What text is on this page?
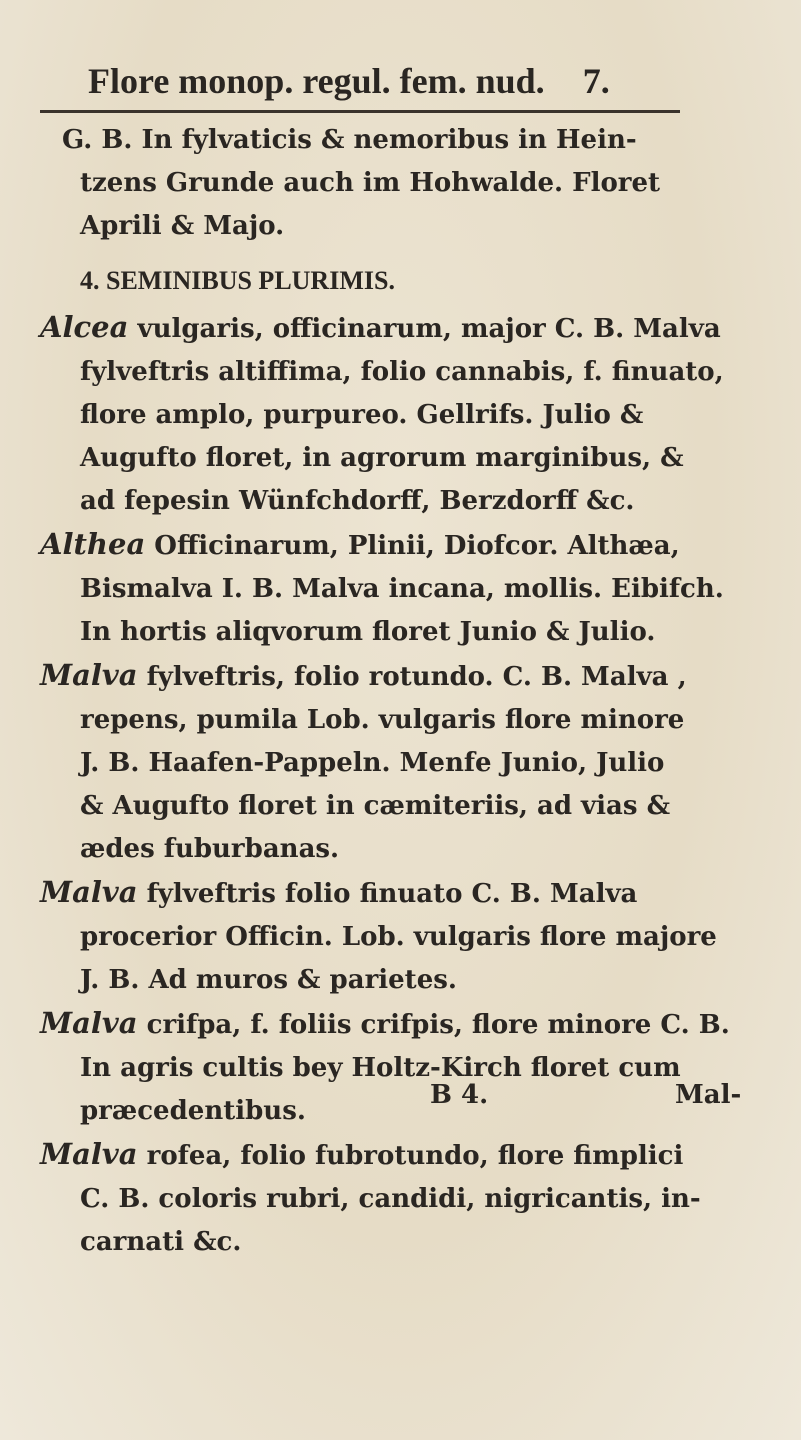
Flore monop. regul. fem. nud. 7.
G. B. In fylvaticis & nemoribus in Hein-
tzens Grunde auch im Hohwalde. Floret
Aprili & Majo.
4. SEMINIBUS PLURIMIS.
Alcea vulgaris, officinarum, major C. B. Malva
fylveftris altiffima, folio cannabis, f. finuato,
flore amplo, purpureo. Gellrifs. Julio &
Augufto floret, in agrorum marginibus, &
ad fepesin Wünfchdorff, Berzdorff &c.
Althea Officinarum, Plinii, Diofcor. Althæa,
Bismalva I. B. Malva incana, mollis. Eibifch.
In hortis aliqvorum floret Junio & Julio.
Malva fylveftris, folio rotundo. C. B. Malva ,
repens, pumila Lob. vulgaris flore minore
J. B. Haafen-Pappeln. Menfe Junio, Julio
& Augufto floret in cæmiteriis, ad vias &
ædes fuburbanas.
Malva fylveftris folio finuato C. B. Malva
procerior Officin. Lob. vulgaris flore majore
J. B. Ad muros & parietes.
Malva crifpa, f. foliis crifpis, flore minore C. B.
In agris cultis bey Holtz-Kirch floret cum
præcedentibus.
Malva rofea, folio fubrotundo, flore fimplici
C. B. coloris rubri, candidi, nigricantis, in-
carnati &c.
B 4.	Mal-
